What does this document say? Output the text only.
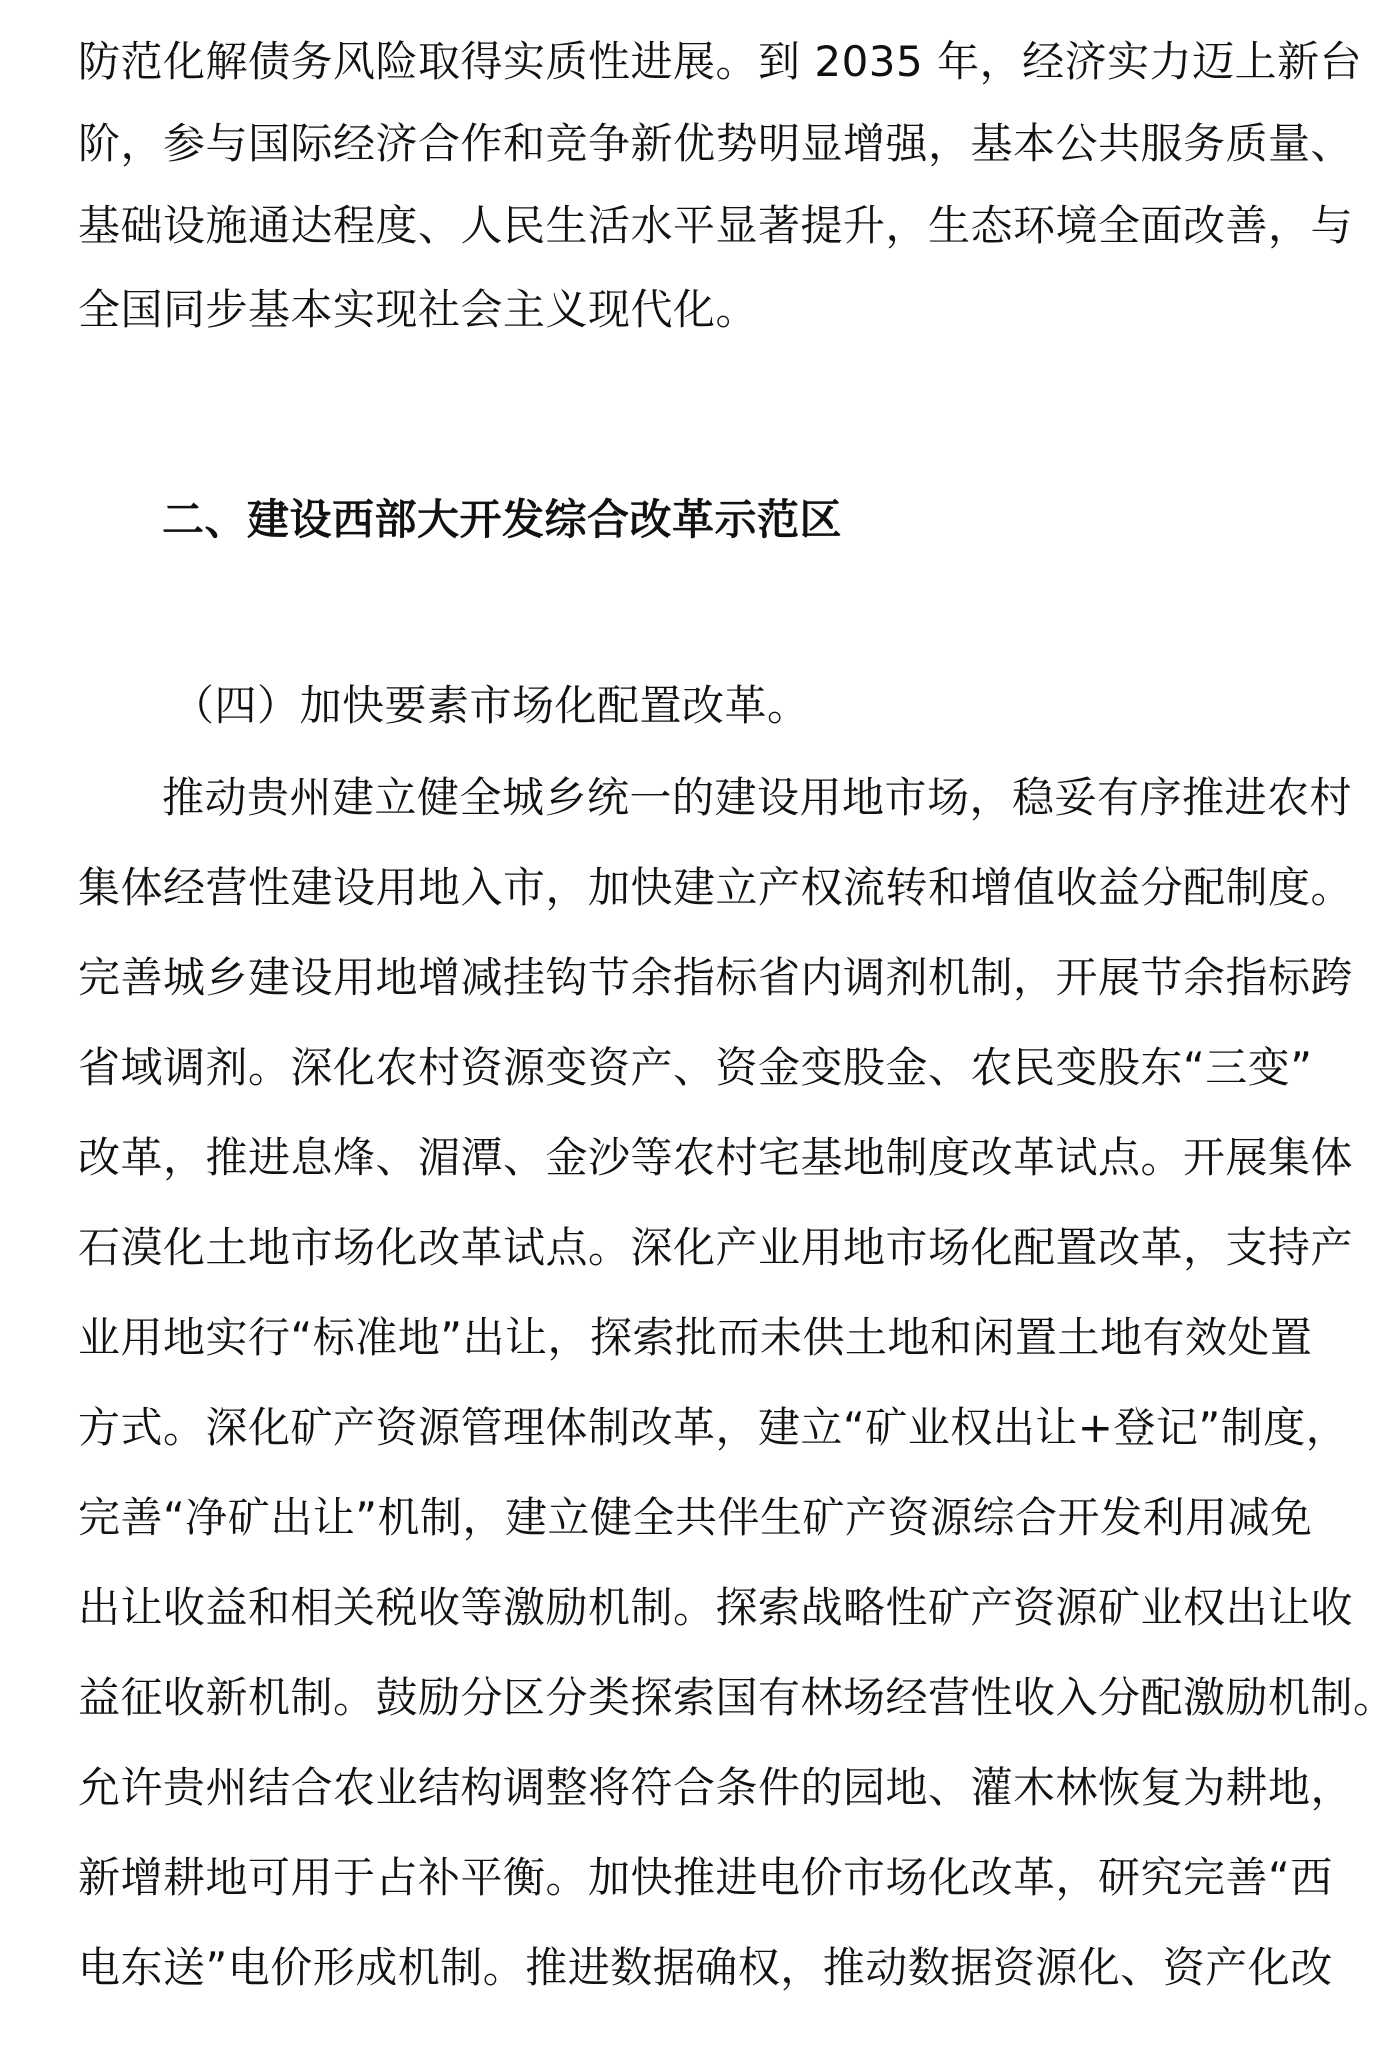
防范化解债务风险取得实质性进展。到 2035 年，经济实力迈上新台
阶，参与国际经济合作和竞争新优势明显增强，基本公共服务质量、
基础设施通达程度、人民生活水平显著提升，生态环境全面改善，与
全国同步基本实现社会主义现代化。
二、建设西部大开发综合改革示范区
（四）加快要素市场化配置改革。
推动贵州建立健全城乡统一的建设用地市场，稳妥有序推进农村
集体经营性建设用地入市，加快建立产权流转和增值收益分配制度。
完善城乡建设用地增减挂钩节余指标省内调剂机制，开展节余指标跨
省域调剂。深化农村资源变资产、资金变股金、农民变股东“三变”
改革，推进息烽、湄潭、金沙等农村宅基地制度改革试点。开展集体
石漠化土地市场化改革试点。深化产业用地市场化配置改革，支持产
业用地实行“标准地”出让，探索批而未供土地和闲置土地有效处置
方式。深化矿产资源管理体制改革，建立“矿业权出让+登记”制度，
完善“净矿出让”机制，建立健全共伴生矿产资源综合开发利用减免
出让收益和相关税收等激励机制。探索战略性矿产资源矿业权出让收
益征收新机制。鼓励分区分类探索国有林场经营性收入分配激励机制。
允许贵州结合农业结构调整将符合条件的园地、灌木林恢复为耕地，
新增耕地可用于占补平衡。加快推进电价市场化改革，研究完善“西
电东送”电价形成机制。推进数据确权，推动数据资源化、资产化改
